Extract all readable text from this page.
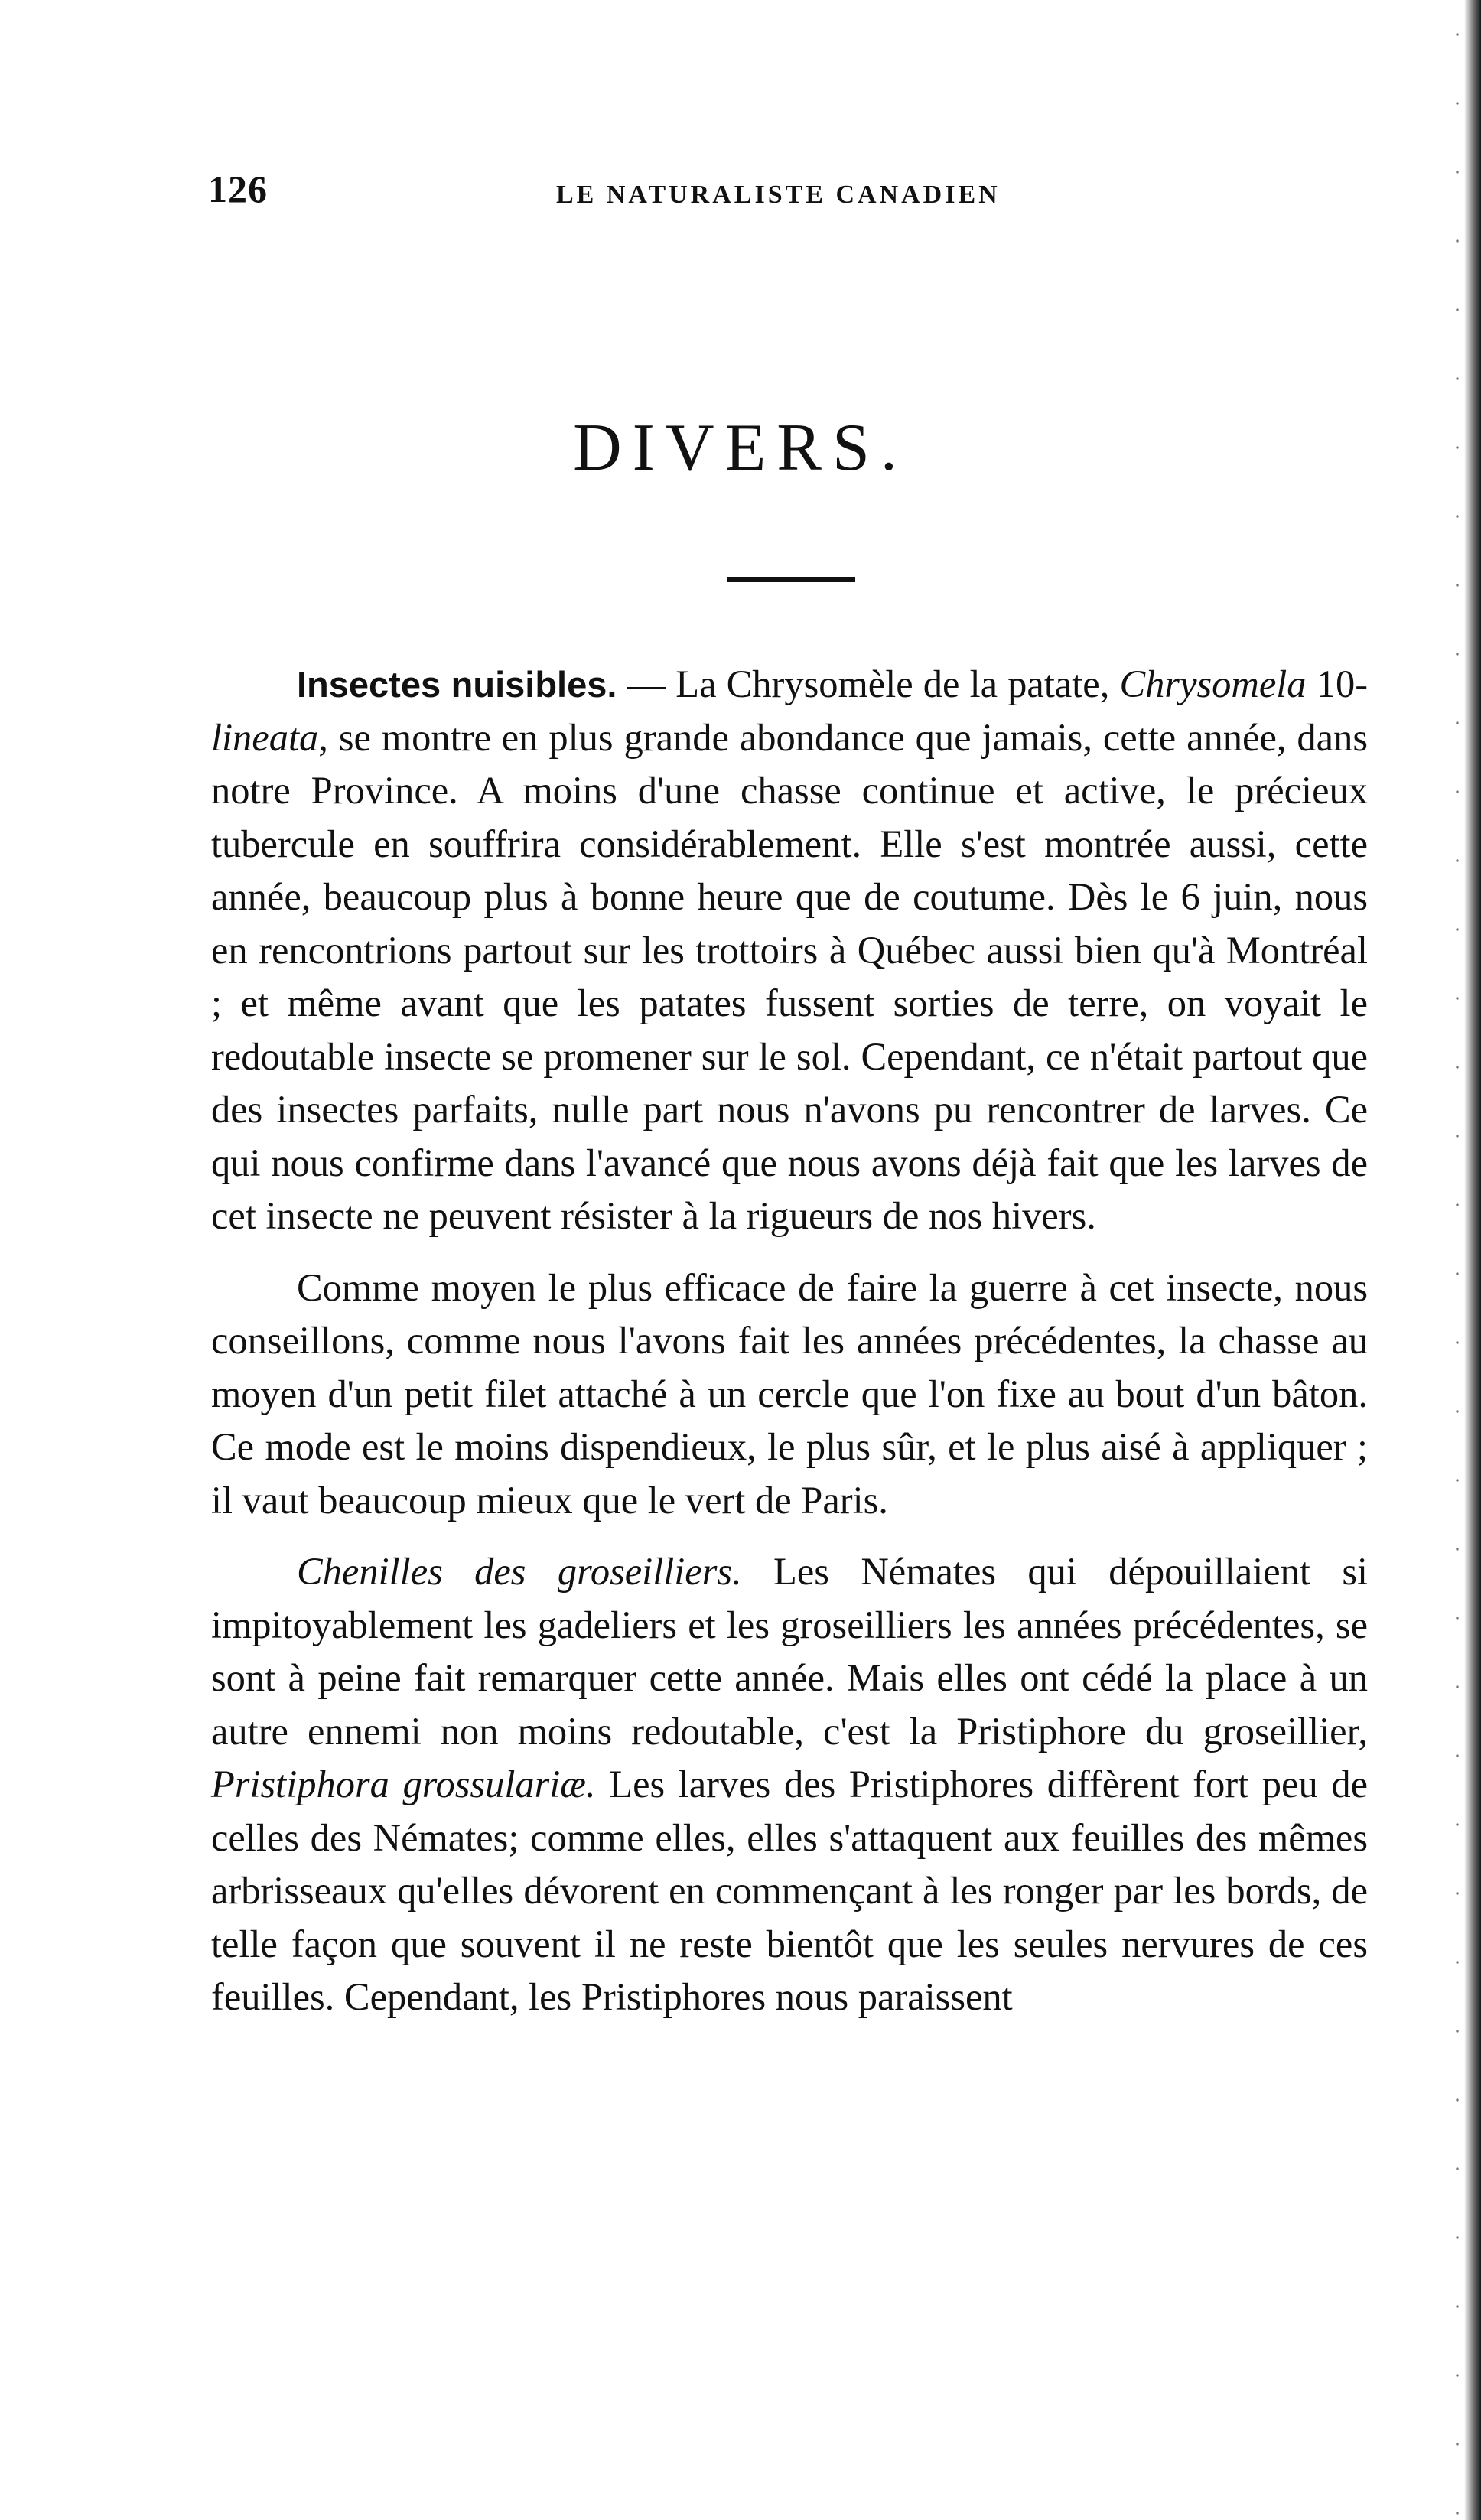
126	LE NATURALISTE CANADIEN
DIVERS.

Insectes nuisibles. — La Chrysomèle de la patate, Chrysomela 10-lineata, se montre en plus grande abondance que jamais, cette année, dans notre Province. A moins d'une chasse continue et active, le précieux tubercule en souffrira considérablement. Elle s'est montrée aussi, cette année, beaucoup plus à bonne heure que de coutume. Dès le 6 juin, nous en rencontrions partout sur les trottoirs à Québec aussi bien qu'à Montréal ; et même avant que les patates fussent sorties de terre, on voyait le redoutable insecte se promener sur le sol. Cependant, ce n'était partout que des insectes parfaits, nulle part nous n'avons pu rencontrer de larves. Ce qui nous confirme dans l'avancé que nous avons déjà fait que les larves de cet insecte ne peuvent résister à la rigueurs de nos hivers.

Comme moyen le plus efficace de faire la guerre à cet insecte, nous conseillons, comme nous l'avons fait les années précédentes, la chasse au moyen d'un petit filet attaché à un cercle que l'on fixe au bout d'un bâton. Ce mode est le moins dispendieux, le plus sûr, et le plus aisé à appliquer ; il vaut beaucoup mieux que le vert de Paris.

Chenilles des groseilliers. Les Némates qui dépouillaient si impitoyablement les gadeliers et les groseilliers les années précédentes, se sont à peine fait remarquer cette année. Mais elles ont cédé la place à un autre ennemi non moins redoutable, c'est la Pristiphore du groseillier, Pristiphora grossulariæ. Les larves des Pristiphores diffèrent fort peu de celles des Némates; comme elles, elles s'attaquent aux feuilles des mêmes arbrisseaux qu'elles dévorent en commençant à les ronger par les bords, de telle façon que souvent il ne reste bientôt que les seules nervures de ces feuilles. Cependant, les Pristiphores nous paraissent
